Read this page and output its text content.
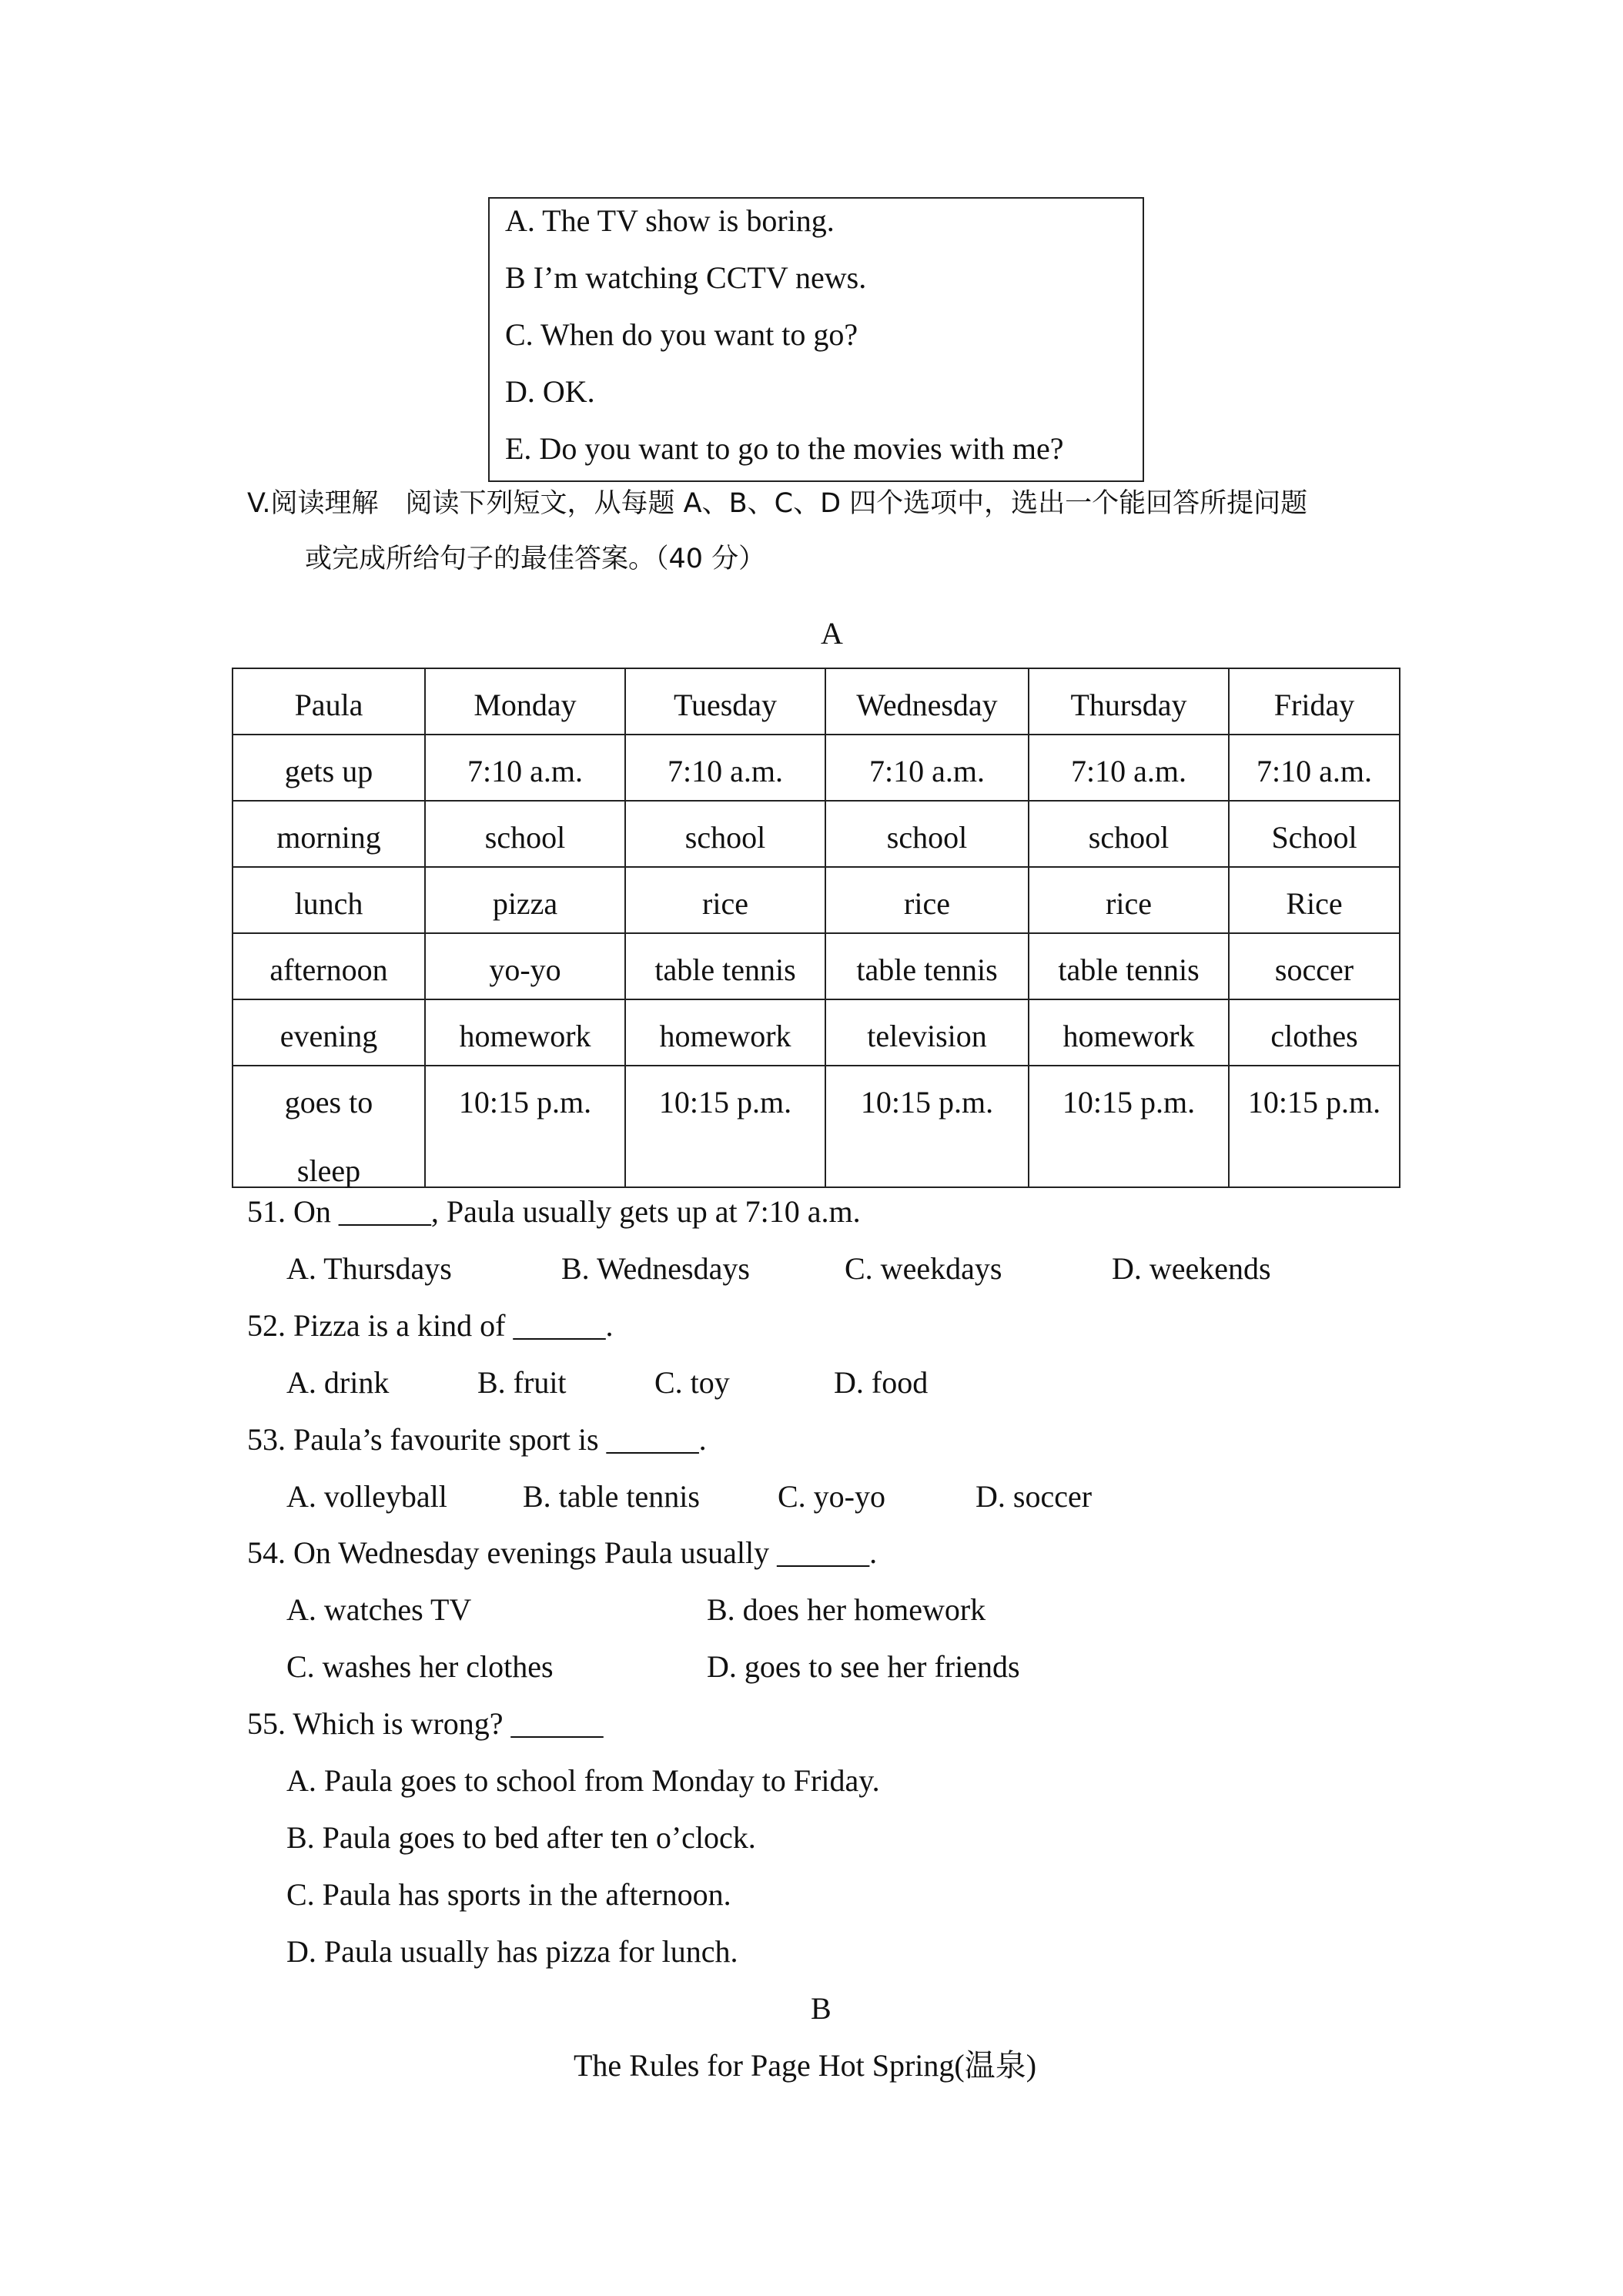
A. The TV show is boring.
B I’m watching CCTV news.
C. When do you want to go?
D. OK.
E. Do you want to go to the movies with me?
V.阅读理解　阅读下列短文，从每题 A、B、C、D 四个选项中，选出一个能回答所提问题
或完成所给句子的最佳答案。（40 分）
A
Paula	Monday	Tuesday	Wednesday	Thursday	Friday
gets up	7:10 a.m.	7:10 a.m.	7:10 a.m.	7:10 a.m.	7:10 a.m.
morning	school	school	school	school	School
lunch	pizza	rice	rice	rice	Rice
afternoon	yo-yo	table tennis	table tennis	table tennis	soccer
evening	homework	homework	television	homework	clothes
goes to
sleep	10:15 p.m.	10:15 p.m.	10:15 p.m.	10:15 p.m.	10:15 p.m.
51. On ______, Paula usually gets up at 7:10 a.m.
A. Thursdays	B. Wednesdays	C. weekdays	D. weekends
52. Pizza is a kind of ______.
A. drink	B. fruit	C. toy	D. food
53. Paula’s favourite sport is ______.
A. volleyball B. table tennis	C. yo-yo	D. soccer
54. On Wednesday evenings Paula usually ______.
A. watches TV	B. does her homework
C. washes her clothes	D. goes to see her friends
55. Which is wrong? ______
A. Paula goes to school from Monday to Friday.
B. Paula goes to bed after ten o’clock.
C. Paula has sports in the afternoon.
D. Paula usually has pizza for lunch.
B
The Rules for Page Hot Spring(温泉)
